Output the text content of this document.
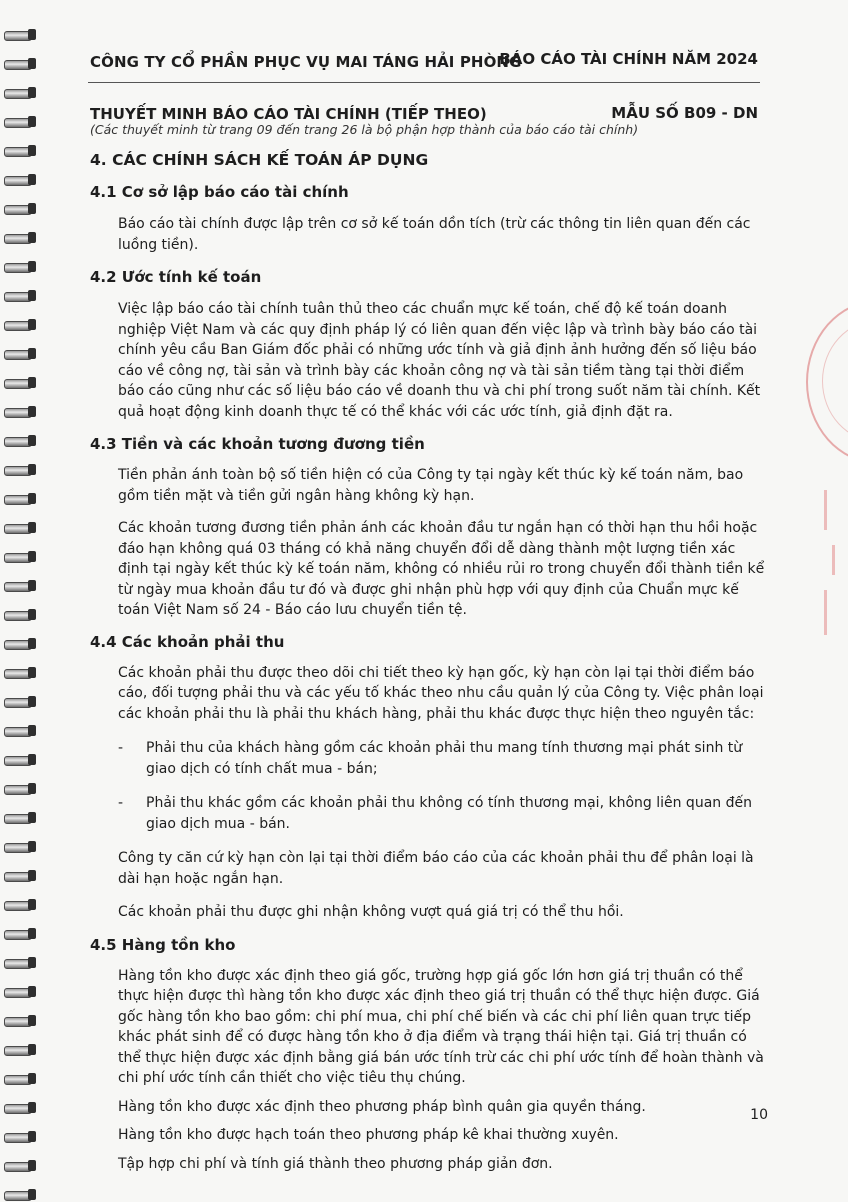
CÔNG TY CỔ PHẦN PHỤC VỤ MAI TÁNG HẢI PHÒNG
BÁO CÁO TÀI CHÍNH NĂM 2024
THUYẾT MINH BÁO CÁO TÀI CHÍNH (TIẾP THEO)	MẪU SỐ B09 - DN
(Các thuyết minh từ trang 09 đến trang 26 là bộ phận hợp thành của báo cáo tài chính)
4. CÁC CHÍNH SÁCH KẾ TOÁN ÁP DỤNG
4.1 Cơ sở lập báo cáo tài chính

Báo cáo tài chính được lập trên cơ sở kế toán dồn tích (trừ các thông tin liên quan đến các luồng tiền).

4.2 Ước tính kế toán

Việc lập báo cáo tài chính tuân thủ theo các chuẩn mực kế toán, chế độ kế toán doanh nghiệp Việt Nam và các quy định pháp lý có liên quan đến việc lập và trình bày báo cáo tài chính yêu cầu Ban Giám đốc phải có những ước tính và giả định ảnh hưởng đến số liệu báo cáo về công nợ, tài sản và trình bày các khoản công nợ và tài sản tiềm tàng tại thời điểm báo cáo cũng như các số liệu báo cáo về doanh thu và chi phí trong suốt năm tài chính. Kết quả hoạt động kinh doanh thực tế có thể khác với các ước tính, giả định đặt ra.

4.3 Tiền và các khoản tương đương tiền

Tiền phản ánh toàn bộ số tiền hiện có của Công ty tại ngày kết thúc kỳ kế toán năm, bao gồm tiền mặt và tiền gửi ngân hàng không kỳ hạn.

Các khoản tương đương tiền phản ánh các khoản đầu tư ngắn hạn có thời hạn thu hồi hoặc đáo hạn không quá 03 tháng có khả năng chuyển đổi dễ dàng thành một lượng tiền xác định tại ngày kết thúc kỳ kế toán năm, không có nhiều rủi ro trong chuyển đổi thành tiền kể từ ngày mua khoản đầu tư đó và được ghi nhận phù hợp với quy định của Chuẩn mực kế toán Việt Nam số 24 - Báo cáo lưu chuyển tiền tệ.

4.4 Các khoản phải thu

Các khoản phải thu được theo dõi chi tiết theo kỳ hạn gốc, kỳ hạn còn lại tại thời điểm báo cáo, đối tượng phải thu và các yếu tố khác theo nhu cầu quản lý của Công ty. Việc phân loại các khoản phải thu là phải thu khách hàng, phải thu khác được thực hiện theo nguyên tắc:

- Phải thu của khách hàng gồm các khoản phải thu mang tính thương mại phát sinh từ giao dịch có tính chất mua - bán;
- Phải thu khác gồm các khoản phải thu không có tính thương mại, không liên quan đến giao dịch mua - bán.

Công ty căn cứ kỳ hạn còn lại tại thời điểm báo cáo của các khoản phải thu để phân loại là dài hạn hoặc ngắn hạn.

Các khoản phải thu được ghi nhận không vượt quá giá trị có thể thu hồi.

4.5 Hàng tồn kho

Hàng tồn kho được xác định theo giá gốc, trường hợp giá gốc lớn hơn giá trị thuần có thể thực hiện được thì hàng tồn kho được xác định theo giá trị thuần có thể thực hiện được. Giá gốc hàng tồn kho bao gồm: chi phí mua, chi phí chế biến và các chi phí liên quan trực tiếp khác phát sinh để có được hàng tồn kho ở địa điểm và trạng thái hiện tại. Giá trị thuần có thể thực hiện được xác định bằng giá bán ước tính trừ các chi phí ước tính để hoàn thành và chi phí ước tính cần thiết cho việc tiêu thụ chúng.

Hàng tồn kho được xác định theo phương pháp bình quân gia quyền tháng.

Hàng tồn kho được hạch toán theo phương pháp kê khai thường xuyên.

Tập hợp chi phí và tính giá thành theo phương pháp giản đơn.

10
